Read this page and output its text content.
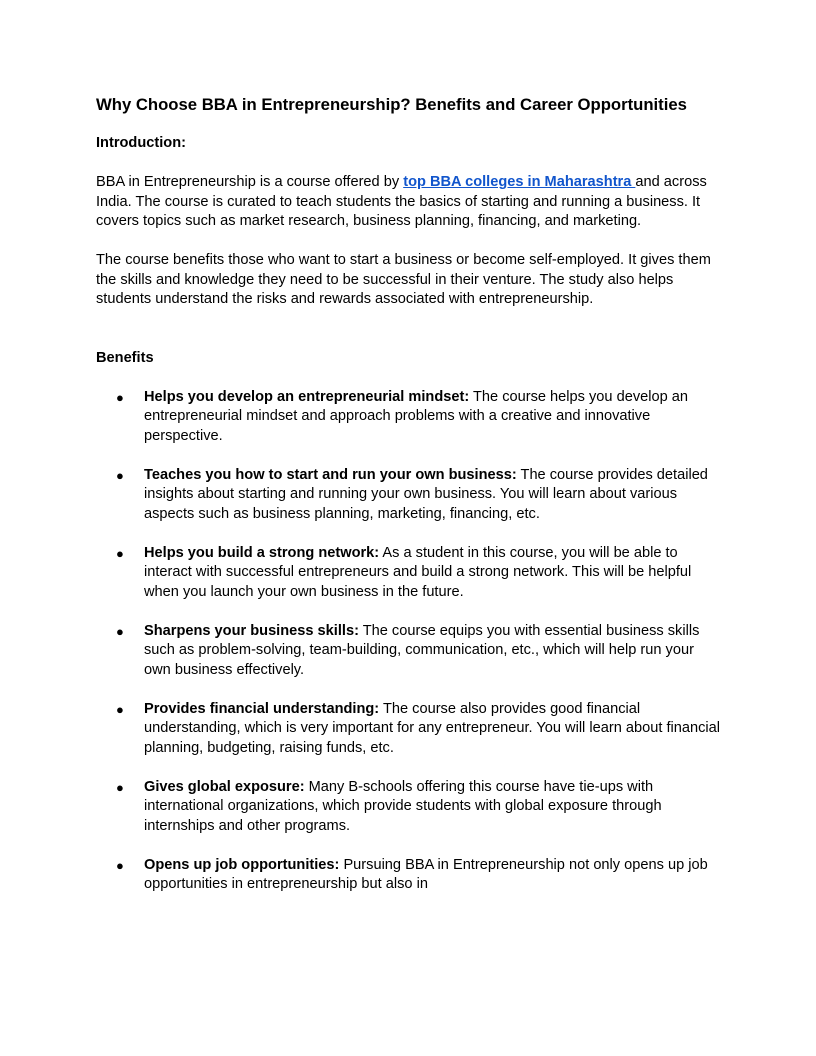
Why Choose BBA in Entrepreneurship? Benefits and Career Opportunities

Introduction:

BBA in Entrepreneurship is a course offered by top BBA colleges in Maharashtra and across India. The course is curated to teach students the basics of starting and running a business. It covers topics such as market research, business planning, financing, and marketing.

The course benefits those who want to start a business or become self-employed. It gives them the skills and knowledge they need to be successful in their venture. The study also helps students understand the risks and rewards associated with entrepreneurship.

Benefits

● Helps you develop an entrepreneurial mindset: The course helps you develop an entrepreneurial mindset and approach problems with a creative and innovative perspective.
● Teaches you how to start and run your own business: The course provides detailed insights about starting and running your own business. You will learn about various aspects such as business planning, marketing, financing, etc.
● Helps you build a strong network: As a student in this course, you will be able to interact with successful entrepreneurs and build a strong network. This will be helpful when you launch your own business in the future.
● Sharpens your business skills: The course equips you with essential business skills such as problem-solving, team-building, communication, etc., which will help run your own business effectively.
● Provides financial understanding: The course also provides good financial understanding, which is very important for any entrepreneur. You will learn about financial planning, budgeting, raising funds, etc.
● Gives global exposure: Many B-schools offering this course have tie-ups with international organizations, which provide students with global exposure through internships and other programs.
● Opens up job opportunities: Pursuing BBA in Entrepreneurship not only opens up job opportunities in entrepreneurship but also in
